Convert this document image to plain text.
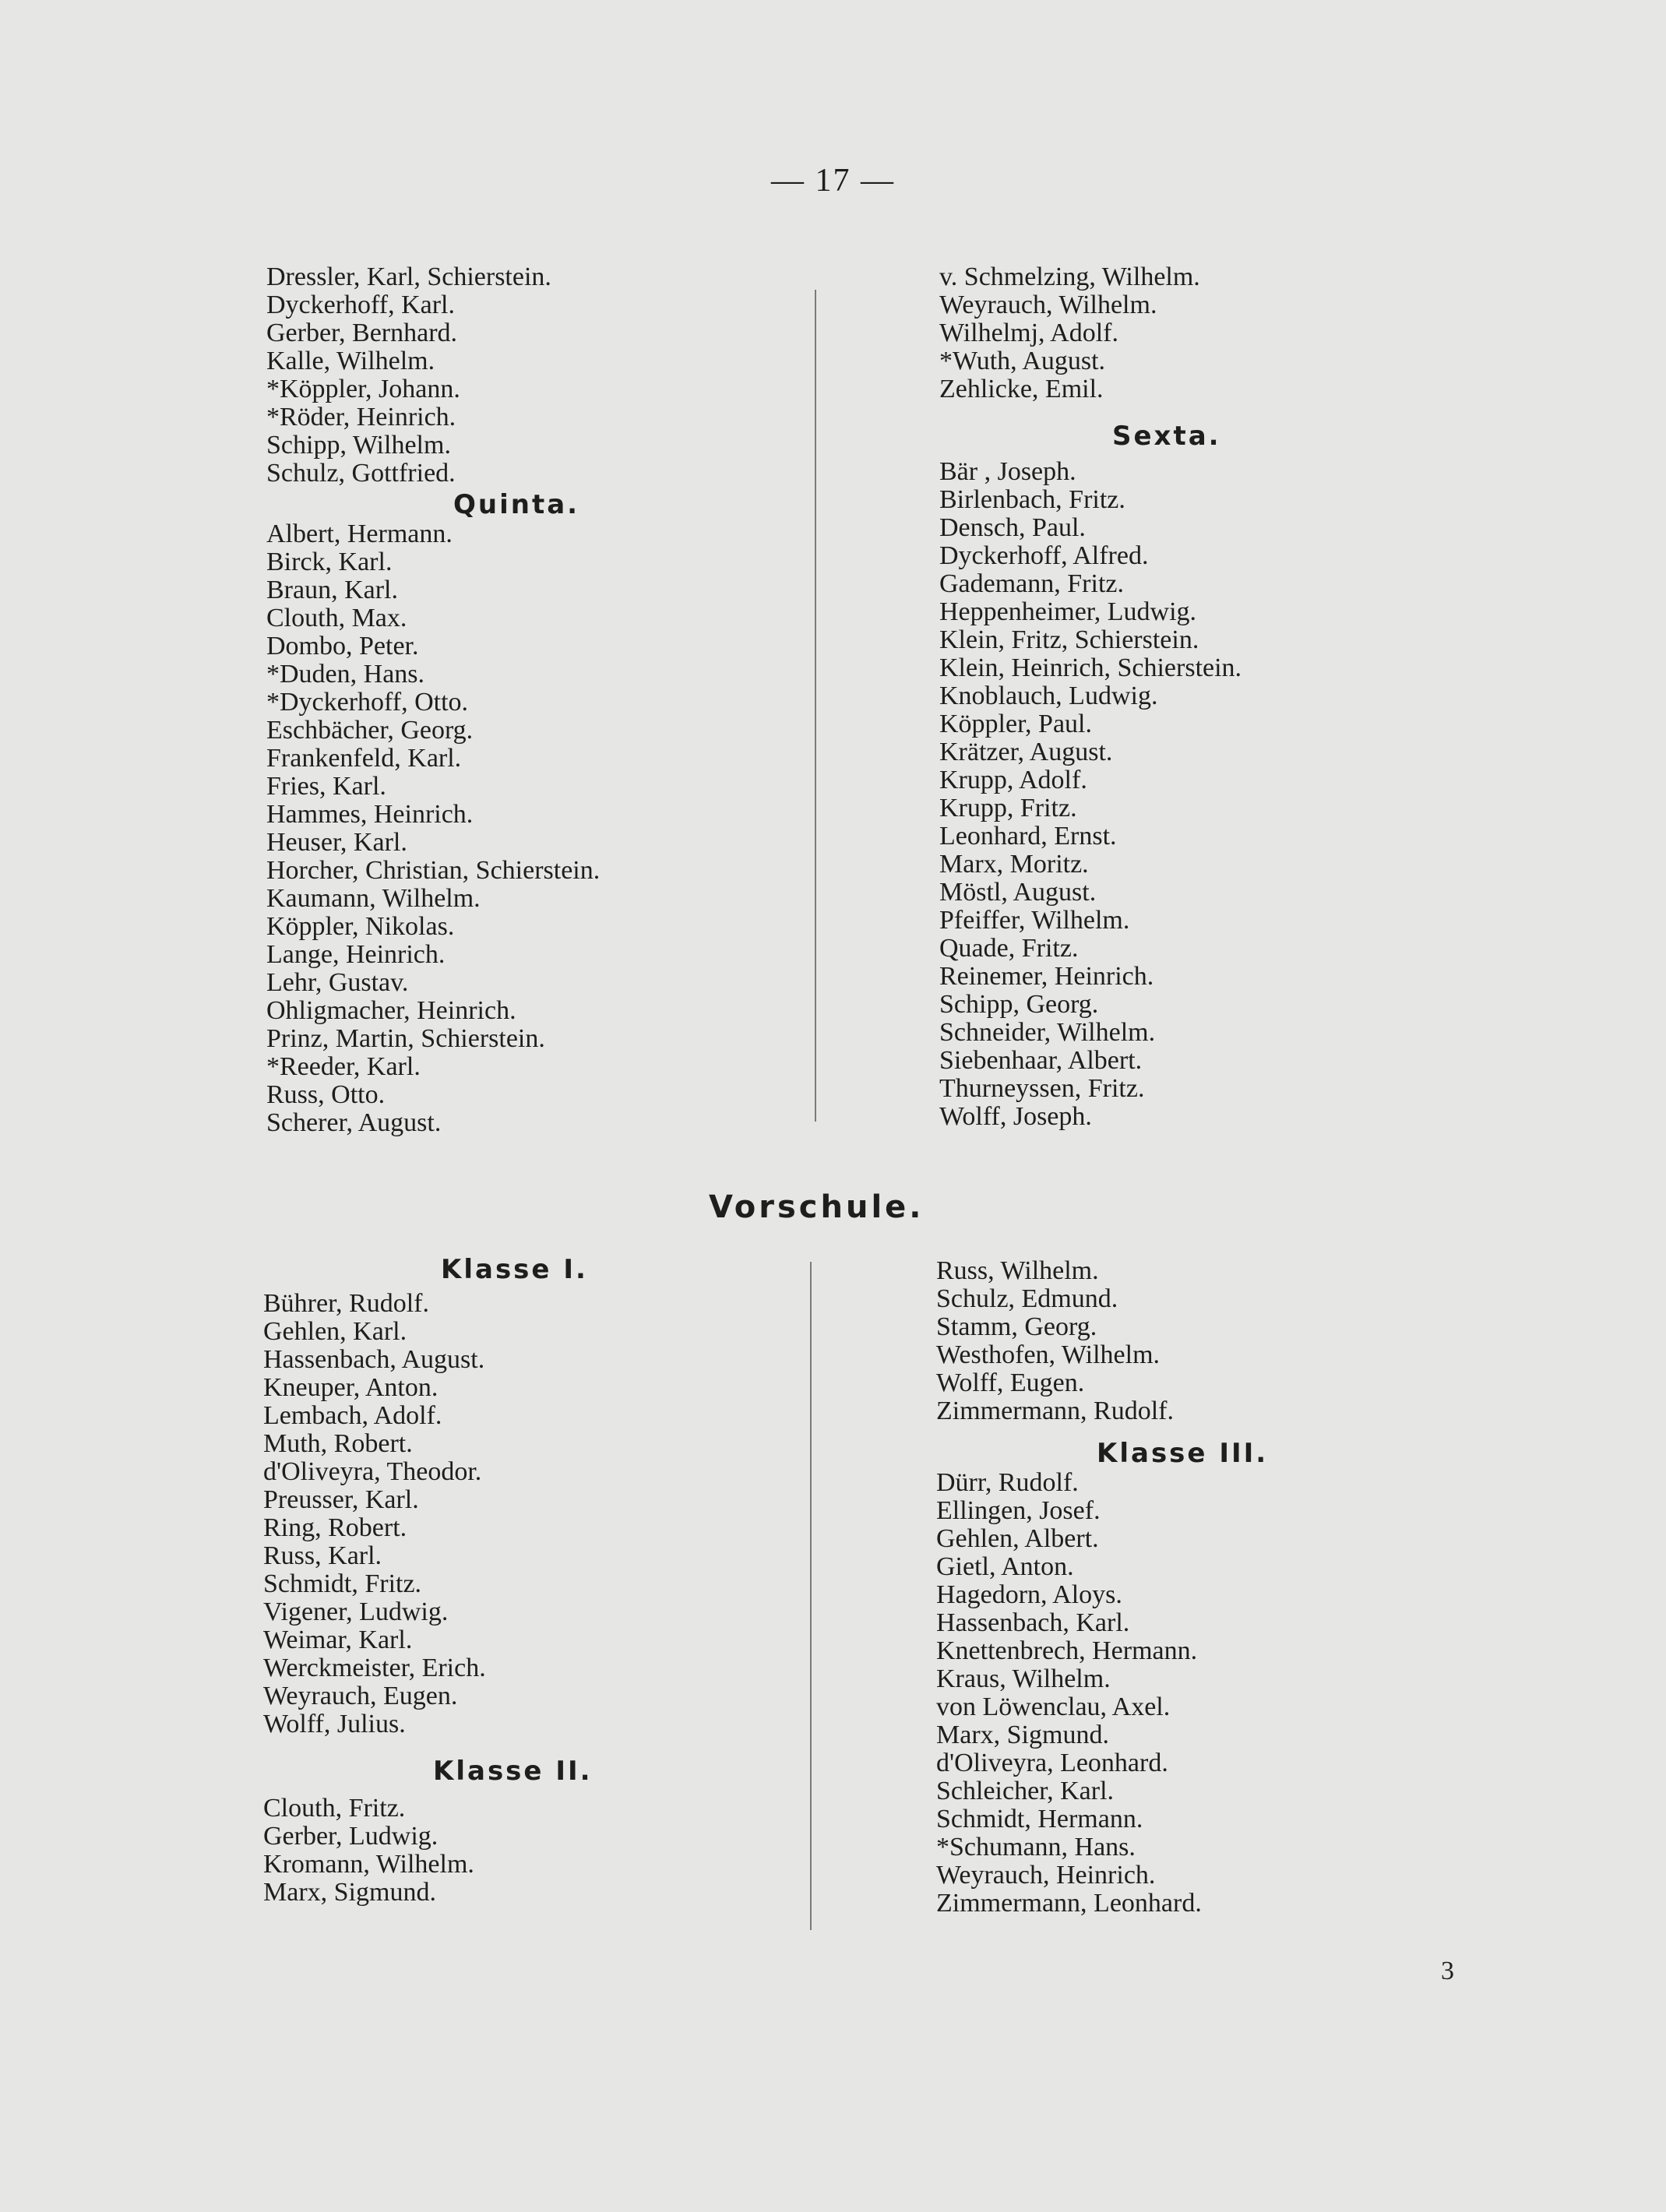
— 17 —
Dressler, Karl, Schierstein.
Dyckerhoff, Karl.
Gerber, Bernhard.
Kalle, Wilhelm.
*Köppler, Johann.
*Röder, Heinrich.
Schipp, Wilhelm.
Schulz, Gottfried.
Quinta.
Albert, Hermann.
Birck, Karl.
Braun, Karl.
Clouth, Max.
Dombo, Peter.
*Duden, Hans.
*Dyckerhoff, Otto.
Eschbächer, Georg.
Frankenfeld, Karl.
Fries, Karl.
Hammes, Heinrich.
Heuser, Karl.
Horcher, Christian, Schierstein.
Kaumann, Wilhelm.
Köppler, Nikolas.
Lange, Heinrich.
Lehr, Gustav.
Ohligmacher, Heinrich.
Prinz, Martin, Schierstein.
*Reeder, Karl.
Russ, Otto.
Scherer, August.
v. Schmelzing, Wilhelm.
Weyrauch, Wilhelm.
Wilhelmj, Adolf.
*Wuth, August.
Zehlicke, Emil.
Sexta.
Bär , Joseph.
Birlenbach, Fritz.
Densch, Paul.
Dyckerhoff, Alfred.
Gademann, Fritz.
Heppenheimer, Ludwig.
Klein, Fritz, Schierstein.
Klein, Heinrich, Schierstein.
Knoblauch, Ludwig.
Köppler, Paul.
Krätzer, August.
Krupp, Adolf.
Krupp, Fritz.
Leonhard, Ernst.
Marx, Moritz.
Möstl, August.
Pfeiffer, Wilhelm.
Quade, Fritz.
Reinemer, Heinrich.
Schipp, Georg.
Schneider, Wilhelm.
Siebenhaar, Albert.
Thurneyssen, Fritz.
Wolff, Joseph.
Vorschule.
Klasse I.
Bührer, Rudolf.
Gehlen, Karl.
Hassenbach, August.
Kneuper, Anton.
Lembach, Adolf.
Muth, Robert.
d'Oliveyra, Theodor.
Preusser, Karl.
Ring, Robert.
Russ, Karl.
Schmidt, Fritz.
Vigener, Ludwig.
Weimar, Karl.
Werckmeister, Erich.
Weyrauch, Eugen.
Wolff, Julius.
Klasse II.
Clouth, Fritz.
Gerber, Ludwig.
Kromann, Wilhelm.
Marx, Sigmund.
Russ, Wilhelm.
Schulz, Edmund.
Stamm, Georg.
Westhofen, Wilhelm.
Wolff, Eugen.
Zimmermann, Rudolf.
Klasse III.
Dürr, Rudolf.
Ellingen, Josef.
Gehlen, Albert.
Gietl, Anton.
Hagedorn, Aloys.
Hassenbach, Karl.
Knettenbrech, Hermann.
Kraus, Wilhelm.
von Löwenclau, Axel.
Marx, Sigmund.
d'Oliveyra, Leonhard.
Schleicher, Karl.
Schmidt, Hermann.
*Schumann, Hans.
Weyrauch, Heinrich.
Zimmermann, Leonhard.
3
